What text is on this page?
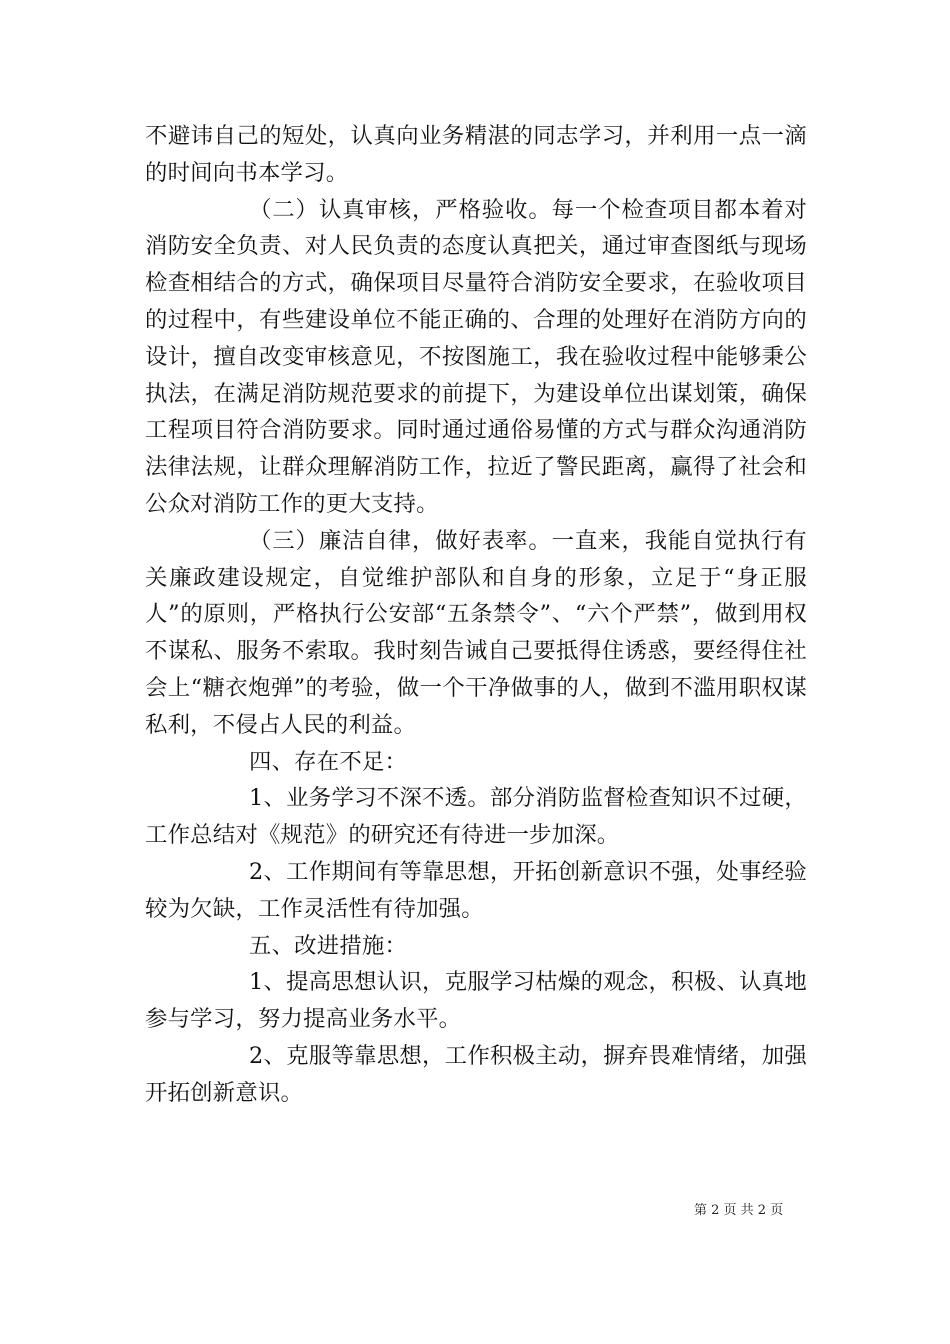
不避讳自己的短处，认真向业务精湛的同志学习，并利用一点一滴的时间向书本学习。

（二）认真审核，严格验收。每一个检查项目都本着对消防安全负责、对人民负责的态度认真把关，通过审查图纸与现场检查相结合的方式，确保项目尽量符合消防安全要求，在验收项目的过程中，有些建设单位不能正确的、合理的处理好在消防方向的设计，擅自改变审核意见，不按图施工，我在验收过程中能够秉公执法，在满足消防规范要求的前提下，为建设单位出谋划策，确保工程项目符合消防要求。同时通过通俗易懂的方式与群众沟通消防法律法规，让群众理解消防工作，拉近了警民距离，赢得了社会和公众对消防工作的更大支持。

（三）廉洁自律，做好表率。一直来，我能自觉执行有关廉政建设规定，自觉维护部队和自身的形象，立足于“身正服人”的原则，严格执行公安部“五条禁令”、“六个严禁”，做到用权不谋私、服务不索取。我时刻告诫自己要抵得住诱惑，要经得住社会上“糖衣炮弹”的考验，做一个干净做事的人，做到不滥用职权谋私利，不侵占人民的利益。

四、存在不足：

1、业务学习不深不透。部分消防监督检查知识不过硬，工作总结对《规范》的研究还有待进一步加深。

2、工作期间有等靠思想，开拓创新意识不强，处事经验较为欠缺，工作灵活性有待加强。

五、改进措施：

1、提高思想认识，克服学习枯燥的观念，积极、认真地参与学习，努力提高业务水平。

2、克服等靠思想，工作积极主动，摒弃畏难情绪，加强开拓创新意识。

第 2 页 共 2 页
